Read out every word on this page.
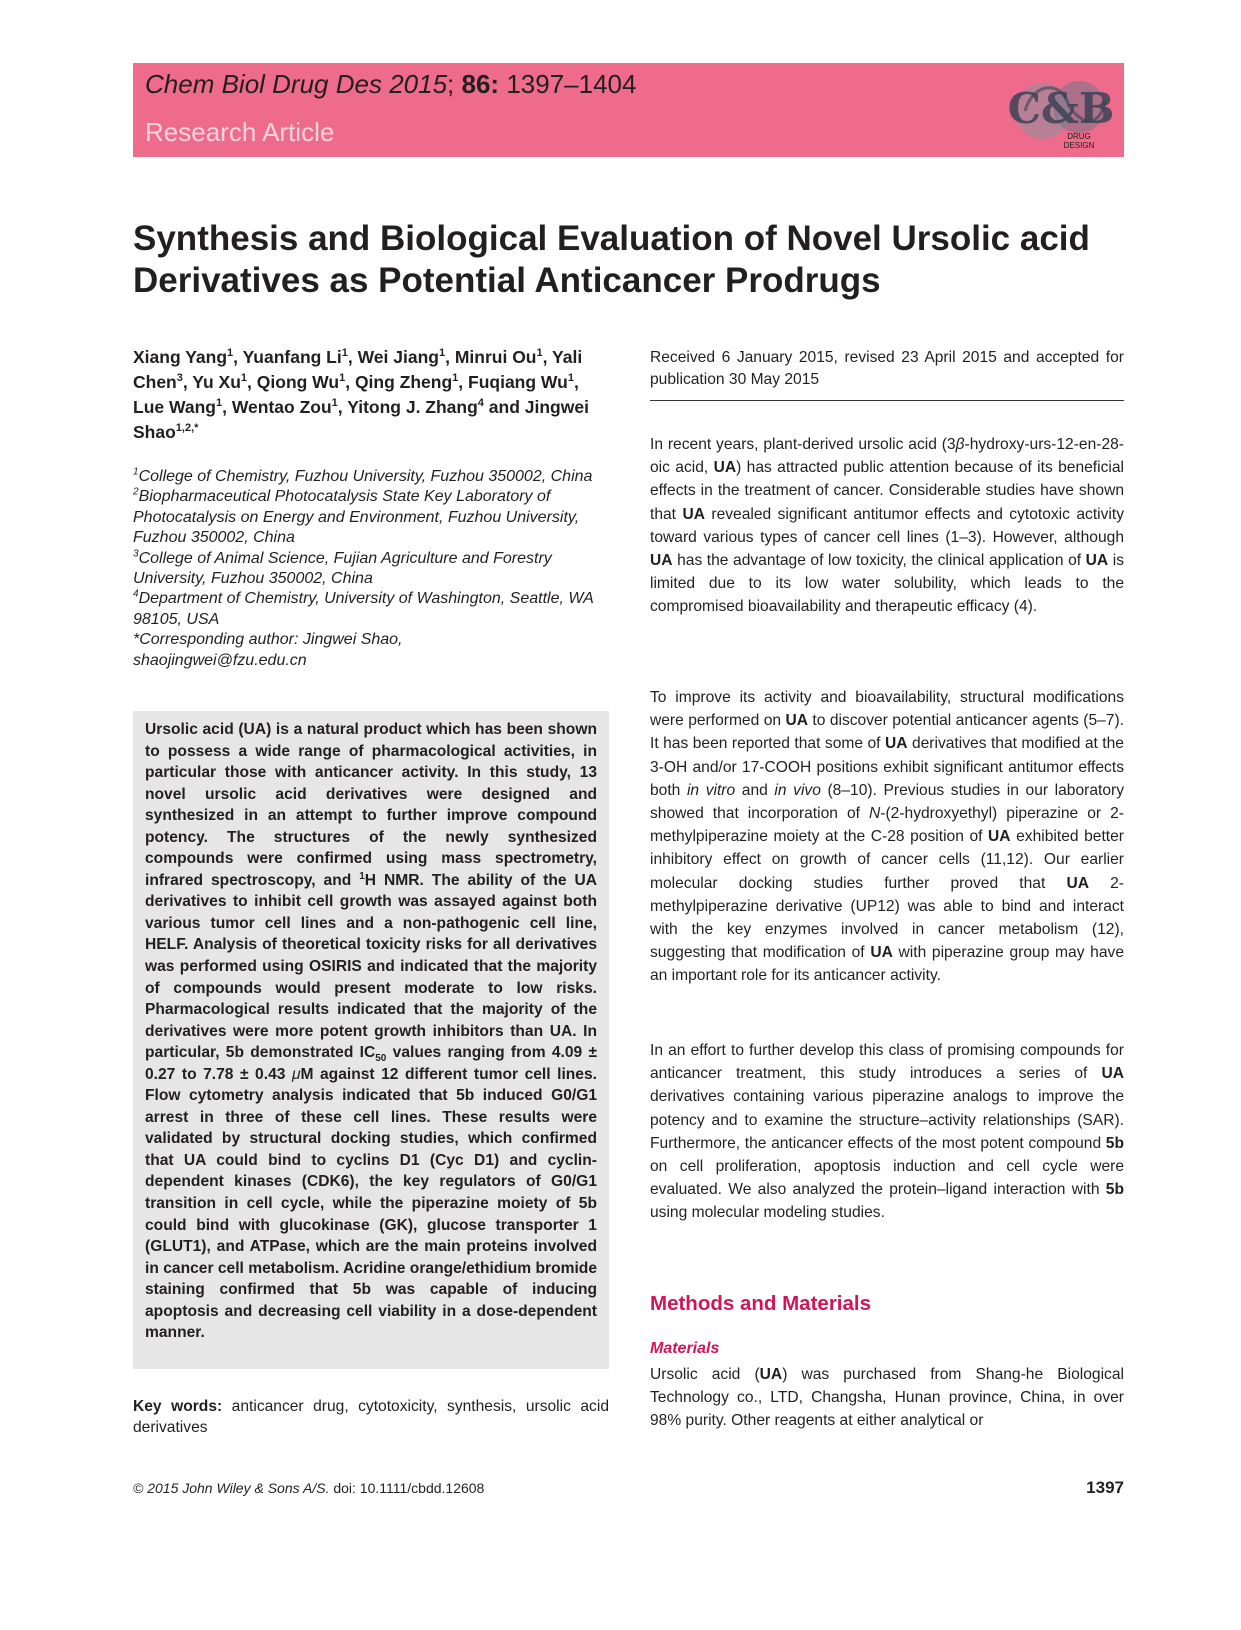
Chem Biol Drug Des 2015; 86: 1397–1404
Research Article	C&B
DRUG
DESIGN
Synthesis and Biological Evaluation of Novel Ursolic acid Derivatives as Potential Anticancer Prodrugs

Xiang Yang$^1$, Yuanfang Li$^1$, Wei Jiang$^1$, Minrui Ou$^1$, Yali Chen$^3$, Yu Xu$^1$, Qiong Wu$^1$, Qing Zheng$^1$, Fuqiang Wu$^1$, Lue Wang$^1$, Wentao Zou$^1$, Yitong J. Zhang$^4$ and Jingwei Shao$^{1,2,*}$

$^1$College of Chemistry, Fuzhou University, Fuzhou 350002, China

$^2$Biopharmaceutical Photocatalysis State Key Laboratory of Photocatalysis on Energy and Environment, Fuzhou University, Fuzhou 350002, China

$^3$College of Animal Science, Fujian Agriculture and Forestry University, Fuzhou 350002, China

$^4$Department of Chemistry, University of Washington, Seattle, WA 98105, USA

*Corresponding author: Jingwei Shao,

shaojingwei@fzu.edu.cn

Ursolic acid (UA) is a natural product which has been shown to possess a wide range of pharmacological activities, in particular those with anticancer activity. In this study, 13 novel ursolic acid derivatives were designed and synthesized in an attempt to further improve compound potency. The structures of the newly synthesized compounds were confirmed using mass spectrometry, infrared spectroscopy, and $^1$H NMR. The ability of the UA derivatives to inhibit cell growth was assayed against both various tumor cell lines and a non-pathogenic cell line, HELF. Analysis of theoretical toxicity risks for all derivatives was performed using OSIRIS and indicated that the majority of compounds would present moderate to low risks. Pharmacological results indicated that the majority of the derivatives were more potent growth inhibitors than UA. In particular, 5b demonstrated $IC_{50}$ values ranging from 4.09 ± 0.27 to 7.78 ± 0.43 μM against 12 different tumor cell lines. Flow cytometry analysis indicated that 5b induced G0/G1 arrest in three of these cell lines. These results were validated by structural docking studies, which confirmed that UA could bind to cyclins D1 (Cyc D1) and cyclin-dependent kinases (CDK6), the key regulators of G0/G1 transition in cell cycle, while the piperazine moiety of 5b could bind with glucokinase (GK), glucose transporter 1 (GLUT1), and ATPase, which are the main proteins involved in cancer cell metabolism. Acridine orange/ethidium bromide staining confirmed that 5b was capable of inducing apoptosis and decreasing cell viability in a dose-dependent manner.

Key words: anticancer drug, cytotoxicity, synthesis, ursolic acid derivatives

Received 6 January 2015, revised 23 April 2015 and accepted for publication 30 May 2015

In recent years, plant-derived ursolic acid (3β-hydroxy-urs-12-en-28-oic acid, UA) has attracted public attention because of its beneficial effects in the treatment of cancer. Considerable studies have shown that UA revealed significant antitumor effects and cytotoxic activity toward various types of cancer cell lines (1–3). However, although UA has the advantage of low toxicity, the clinical application of UA is limited due to its low water solubility, which leads to the compromised bioavailability and therapeutic efficacy (4).

To improve its activity and bioavailability, structural modifications were performed on UA to discover potential anticancer agents (5–7). It has been reported that some of UA derivatives that modified at the 3-OH and/or 17-COOH positions exhibit significant antitumor effects both in vitro and in vivo (8–10). Previous studies in our laboratory showed that incorporation of N-(2-hydroxyethyl) piperazine or 2-methylpiperazine moiety at the C-28 position of UA exhibited better inhibitory effect on growth of cancer cells (11,12). Our earlier molecular docking studies further proved that UA 2-methylpiperazine derivative (UP12) was able to bind and interact with the key enzymes involved in cancer metabolism (12), suggesting that modification of UA with piperazine group may have an important role for its anticancer activity.

In an effort to further develop this class of promising compounds for anticancer treatment, this study introduces a series of UA derivatives containing various piperazine analogs to improve the potency and to examine the structure–activity relationships (SAR). Furthermore, the anticancer effects of the most potent compound 5b on cell proliferation, apoptosis induction and cell cycle were evaluated. We also analyzed the protein–ligand interaction with 5b using molecular modeling studies.

Methods and Materials
Materials

Ursolic acid (UA) was purchased from Shang-he Biological Technology co., LTD, Changsha, Hunan province, China, in over 98% purity. Other reagents at either analytical or

© 2015 John Wiley & Sons A/S. doi: 10.1111/cbdd.12608	1397
